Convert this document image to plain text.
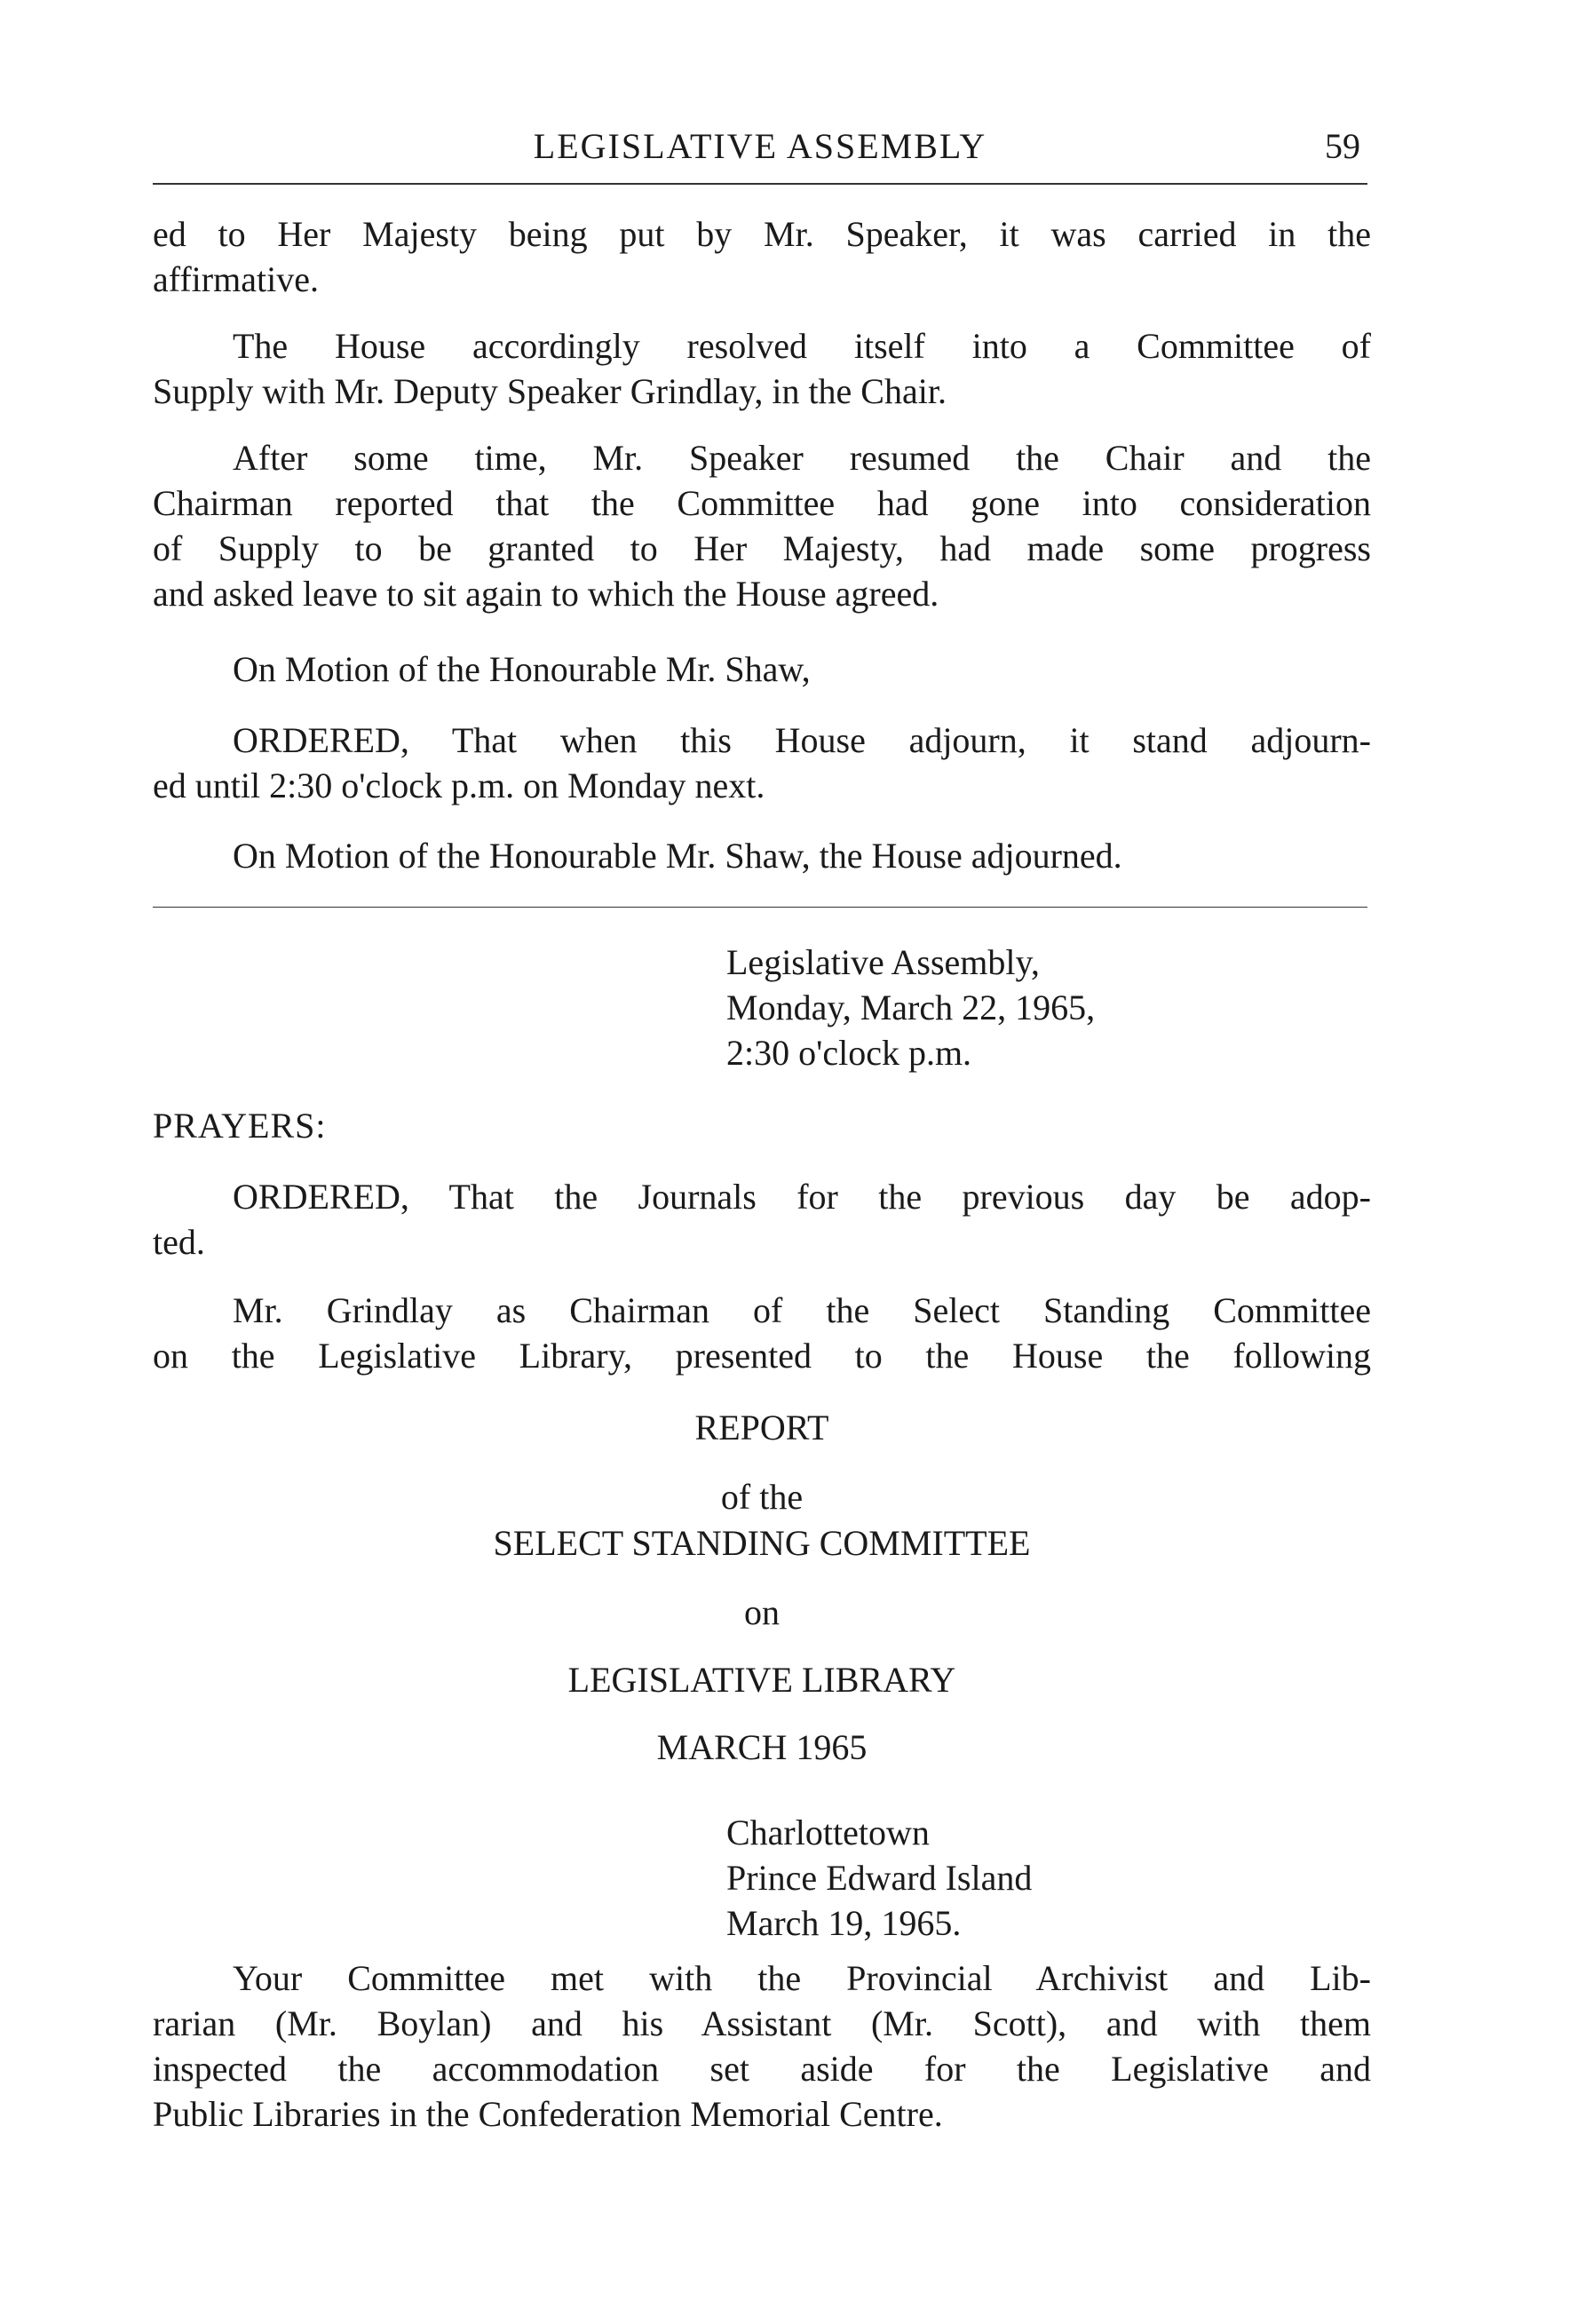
LEGISLATIVE ASSEMBLY	59
ed to Her Majesty being put by Mr. Speaker, it was carried in the
affirmative.
The House accordingly resolved itself into a Committee of
Supply with Mr. Deputy Speaker Grindlay, in the Chair.
After some time, Mr. Speaker resumed the Chair and the
Chairman reported that the Committee had gone into consideration
of Supply to be granted to Her Majesty, had made some progress
and asked leave to sit again to which the House agreed.
On Motion of the Honourable Mr. Shaw,
ORDERED, That when this House adjourn, it stand adjourn-
ed until 2:30 o'clock p.m. on Monday next.
On Motion of the Honourable Mr. Shaw, the House adjourned.
Legislative Assembly,
Monday, March 22, 1965,
2:30 o'clock p.m.
PRAYERS:
ORDERED, That the Journals for the previous day be adop-
ted.
Mr. Grindlay as Chairman of the Select Standing Committee
on the Legislative Library, presented to the House the following
REPORT
of the
SELECT STANDING COMMITTEE
on
LEGISLATIVE LIBRARY
MARCH 1965
Charlottetown
Prince Edward Island
March 19, 1965.
Your Committee met with the Provincial Archivist and Lib-
rarian (Mr. Boylan) and his Assistant (Mr. Scott), and with them
inspected the accommodation set aside for the Legislative and
Public Libraries in the Confederation Memorial Centre.
